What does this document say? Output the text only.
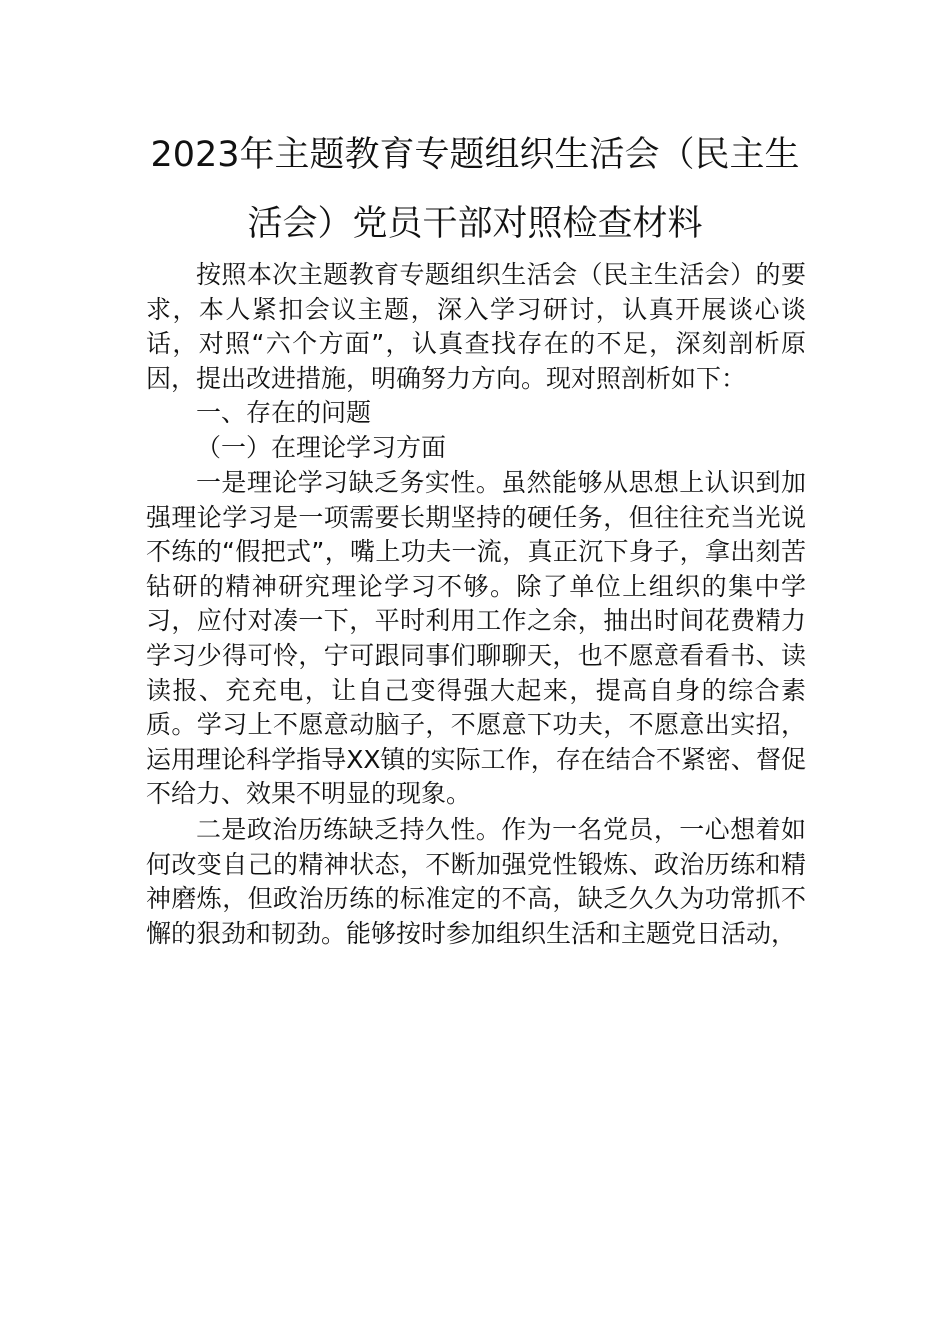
2023年主题教育专题组织生活会（民主生
活会）党员干部对照检查材料

按照本次主题教育专题组织生活会（民主生活会）的要求，本人紧扣会议主题，深入学习研讨，认真开展谈心谈话，对照“六个方面”，认真查找存在的不足，深刻剖析原因，提出改进措施，明确努力方向。现对照剖析如下：

一、存在的问题
（一）在理论学习方面

一是理论学习缺乏务实性。虽然能够从思想上认识到加强理论学习是一项需要长期坚持的硬任务，但往往充当光说不练的“假把式”，嘴上功夫一流，真正沉下身子，拿出刻苦钻研的精神研究理论学习不够。除了单位上组织的集中学习，应付对凑一下，平时利用工作之余，抽出时间花费精力学习少得可怜，宁可跟同事们聊聊天，也不愿意看看书、读读报、充充电，让自己变得强大起来，提高自身的综合素质。学习上不愿意动脑子，不愿意下功夫，不愿意出实招，运用理论科学指导XX镇的实际工作，存在结合不紧密、督促不给力、效果不明显的现象。

二是政治历练缺乏持久性。作为一名党员，一心想着如何改变自己的精神状态，不断加强党性锻炼、政治历练和精神磨炼，但政治历练的标准定的不高，缺乏久久为功常抓不懈的狠劲和韧劲。能够按时参加组织生活和主题党日活动，
